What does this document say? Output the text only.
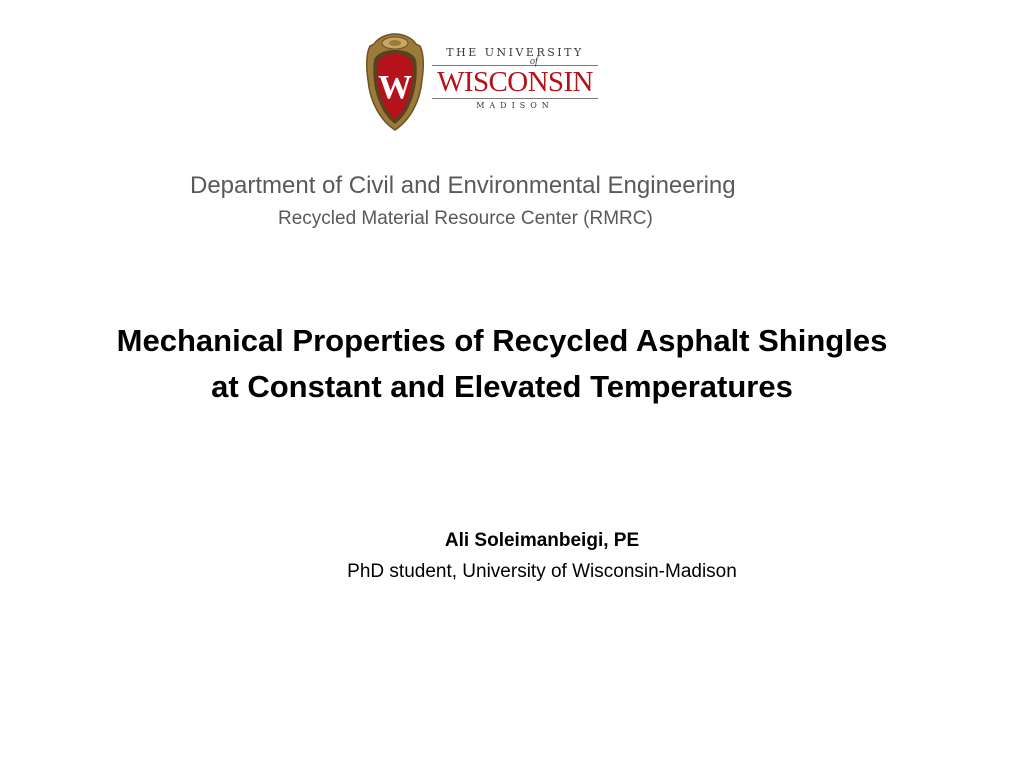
W
THE UNIVERSITY
of
WISCONSIN
MADISON
Department of Civil and Environmental Engineering
Recycled Material Resource Center (RMRC)
Mechanical Properties of Recycled Asphalt Shingles at Constant and Elevated Temperatures
Ali Soleimanbeigi, PE
PhD student, University of Wisconsin-Madison
